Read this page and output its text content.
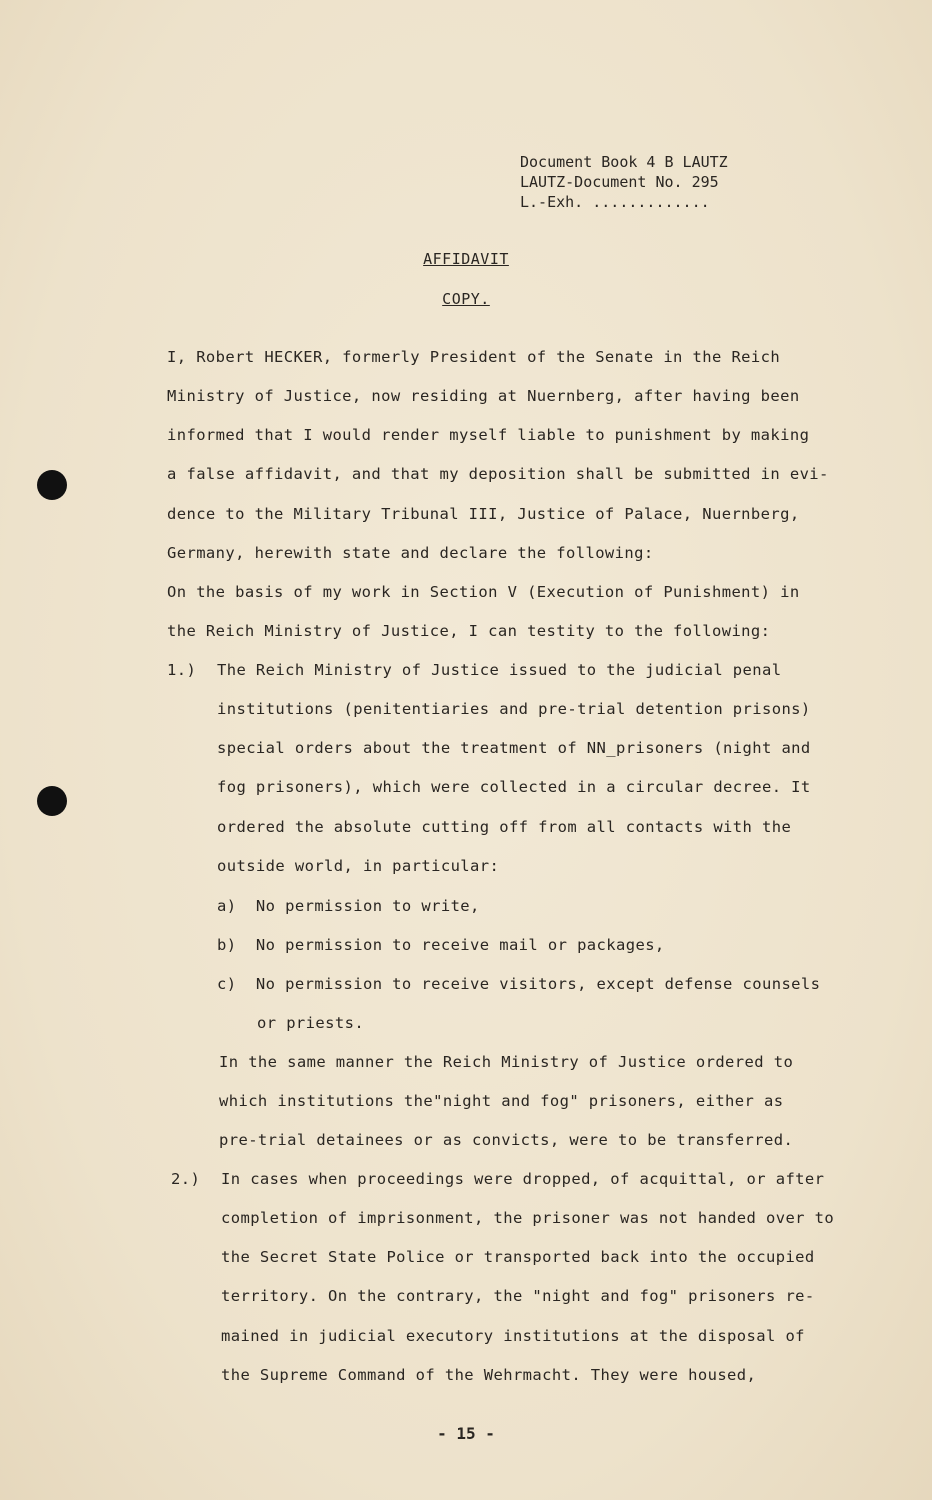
Document Book 4 B LAUTZ
LAUTZ-Document No. 295
L.-Exh. .............
AFFIDAVIT
COPY.
I, Robert HECKER, formerly President of the Senate in the Reich
Ministry of Justice, now residing at Nuernberg, after having been
informed that I would render myself liable to punishment by making
a false affidavit, and that my deposition shall be submitted in evi-
dence to the Military Tribunal III, Justice of Palace, Nuernberg,
Germany, herewith state and declare the following:
On the basis of my work in Section V (Execution of Punishment) in
the Reich Ministry of Justice, I can testity to the following:
1.) The Reich Ministry of Justice issued to the judicial penal
institutions (penitentiaries and pre-trial detention prisons)
special orders about the treatment of NN_prisoners (night and
fog prisoners), which were collected in a circular decree. It
ordered the absolute cutting off from all contacts with the
outside world, in particular:
a)  No permission to write,
b)  No permission to receive mail or packages,
c)  No permission to receive visitors, except defense counsels
or priests.
In the same manner the Reich Ministry of Justice ordered to
which institutions the"night and fog" prisoners, either as
pre-trial detainees or as convicts, were to be transferred.
2.) In cases when proceedings were dropped, of acquittal, or after
completion of imprisonment, the prisoner was not handed over to
the Secret State Police or transported back into the occupied
territory. On the contrary, the "night and fog" prisoners re-
mained in judicial executory institutions at the disposal of
the Supreme Command of the Wehrmacht. They were housed,
- 15 -
